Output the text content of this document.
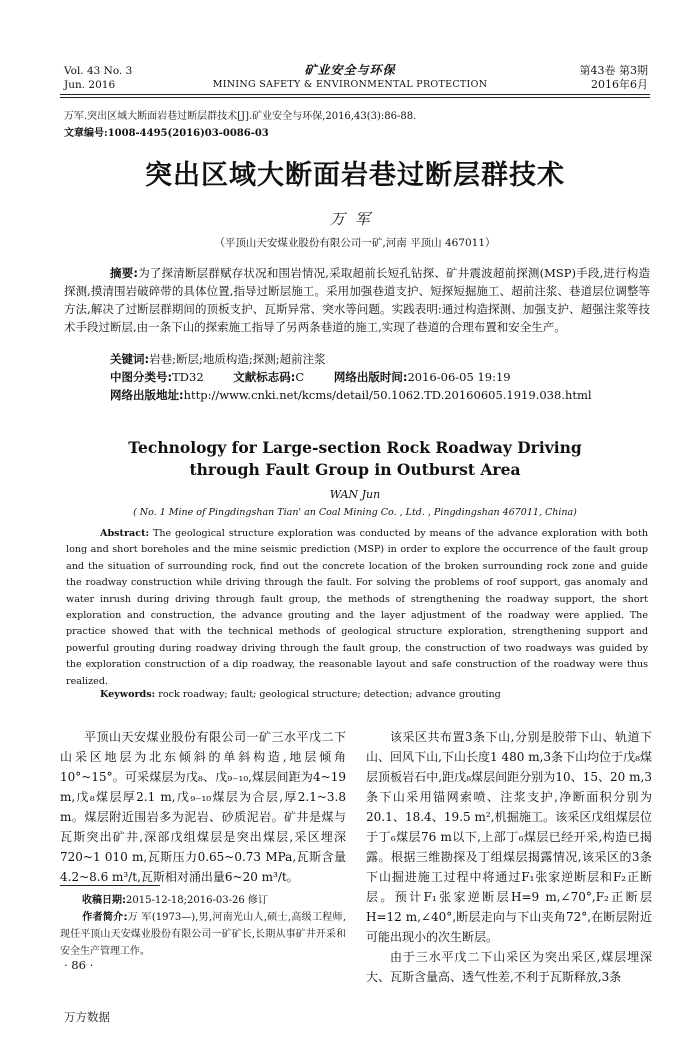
Vol. 43 No. 3
Jun. 2016
矿业安全与环保
MINING SAFETY & ENVIRONMENTAL PROTECTION
第43卷 第3期
2016年6月
万军.突出区域大断面岩巷过断层群技术[J].矿业安全与环保,2016,43(3):86-88.
文章编号:1008-4495(2016)03-0086-03
突出区域大断面岩巷过断层群技术
万军
（平顶山天安煤业股份有限公司一矿,河南 平顶山 467011）
摘要:为了探清断层群赋存状况和围岩情况,采取超前长短孔钻探、矿井震波超前探测(MSP)手段,进行构造探测,摸清围岩破碎带的具体位置,指导过断层施工。采用加强巷道支护、短探短掘施工、超前注浆、巷道层位调整等方法,解决了过断层群期间的顶板支护、瓦斯异常、突水等问题。实践表明:通过构造探测、加强支护、超强注浆等技术手段过断层,由一条下山的探索施工指导了另两条巷道的施工,实现了巷道的合理布置和安全生产。
关键词:岩巷;断层;地质构造;探测;超前注浆
中图分类号:TD32	文献标志码:C	网络出版时间:2016-06-05 19:19
网络出版地址:http://www.cnki.net/kcms/detail/50.1062.TD.20160605.1919.038.html
Technology for Large-section Rock Roadway Driving through Fault Group in Outburst Area
WAN Jun
( No. 1 Mine of Pingdingshan Tian' an Coal Mining Co. , Ltd. , Pingdingshan 467011, China)
Abstract: The geological structure exploration was conducted by means of the advance exploration with both long and short boreholes and the mine seismic prediction (MSP) in order to explore the occurrence of the fault group and the situation of surrounding rock, find out the concrete location of the broken surrounding rock zone and guide the roadway construction while driving through the fault. For solving the problems of roof support, gas anomaly and water inrush during driving through fault group, the methods of strengthening the roadway support, the short exploration and construction, the advance grouting and the layer adjustment of the roadway were applied. The practice showed that with the technical methods of geological structure exploration, strengthening support and powerful grouting during roadway driving through the fault group, the construction of two roadways was guided by the exploration construction of a dip roadway, the reasonable layout and safe construction of the roadway were thus realized.
Keywords: rock roadway; fault; geological structure; detection; advance grouting

平顶山天安煤业股份有限公司一矿三水平戊二下山采区地层为北东倾斜的单斜构造,地层倾角10°~15°。可采煤层为戊₈、戊₉₋₁₀,煤层间距为4~19 m,戊₈煤层厚2.1 m,戊₉₋₁₀煤层为合层,厚2.1~3.8 m。煤层附近围岩多为泥岩、砂质泥岩。矿井是煤与瓦斯突出矿井,深部戊组煤层是突出煤层,采区埋深720~1 010 m,瓦斯压力0.65~0.73 MPa,瓦斯含量4.2~8.6 m³/t,瓦斯相对涌出量6~20 m³/t。

该采区共布置3条下山,分别是胶带下山、轨道下山、回风下山,下山长度1 480 m,3条下山均位于戊₈煤层顶板岩石中,距戊₈煤层间距分别为10、15、20 m,3条下山采用锚网索喷、注浆支护,净断面积分别为20.1、18.4、19.5 m²,机掘施工。该采区戊组煤层位于丁₆煤层76 m以下,上部丁₆煤层已经开采,构造已揭露。根据三维勘探及丁组煤层揭露情况,该采区的3条下山掘进施工过程中将通过F₁张家逆断层和F₂正断层。预计F₁张家逆断层H=9 m,∠70°,F₂正断层H=12 m,∠40°,断层走向与下山夹角72°,在断层附近可能出现小的次生断层。

由于三水平戊二下山采区为突出采区,煤层埋深大、瓦斯含量高、透气性差,不利于瓦斯释放,3条

收稿日期:2015-12-18;2016-03-26 修订
作者简介:万 军(1973—),男,河南光山人,硕士,高级工程师,现任平顶山天安煤业股份有限公司一矿矿长,长期从事矿井开采和安全生产管理工作。
· 86 ·
万方数据
